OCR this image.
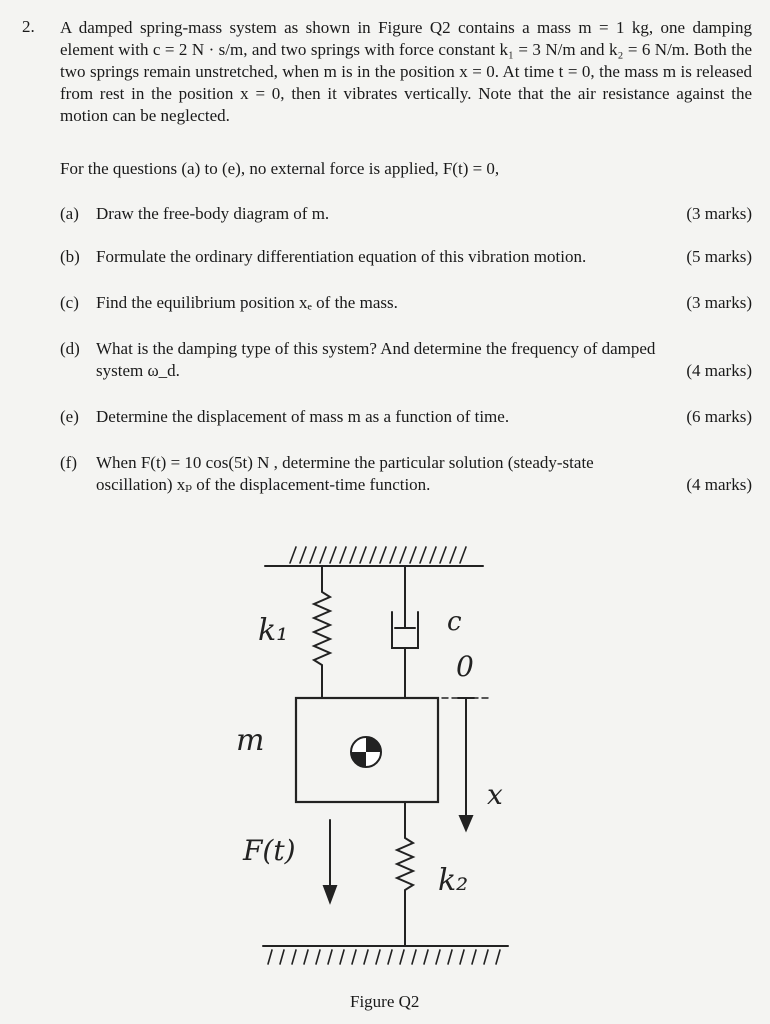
2. A damped spring-mass system as shown in Figure Q2 contains a mass m = 1 kg, one damping element with c = 2 N · s/m, and two springs with force constant k₁ = 3 N/m and k₂ = 6 N/m. Both the two springs remain unstretched, when m is in the position x = 0. At time t = 0, the mass m is released from rest in the position x = 0, then it vibrates vertically. Note that the air resistance against the motion can be neglected.
For the questions (a) to (e), no external force is applied, F(t) = 0,
(a) Draw the free-body diagram of m.	(3 marks)
(b) Formulate the ordinary differentiation equation of this vibration motion.	(5 marks)
(c) Find the equilibrium position xₑ of the mass.	(3 marks)
(d) What is the damping type of this system? And determine the frequency of damped
system ω_d.	(4 marks)
(e) Determine the displacement of mass m as a function of time.	(6 marks)
(f) When F(t) = 10 cos(5t) N , determine the particular solution (steady-state
oscillation) xₚ of the displacement-time function.	(4 marks)
k₁	c
0
m
x
F(t)
k₂
Figure Q2
